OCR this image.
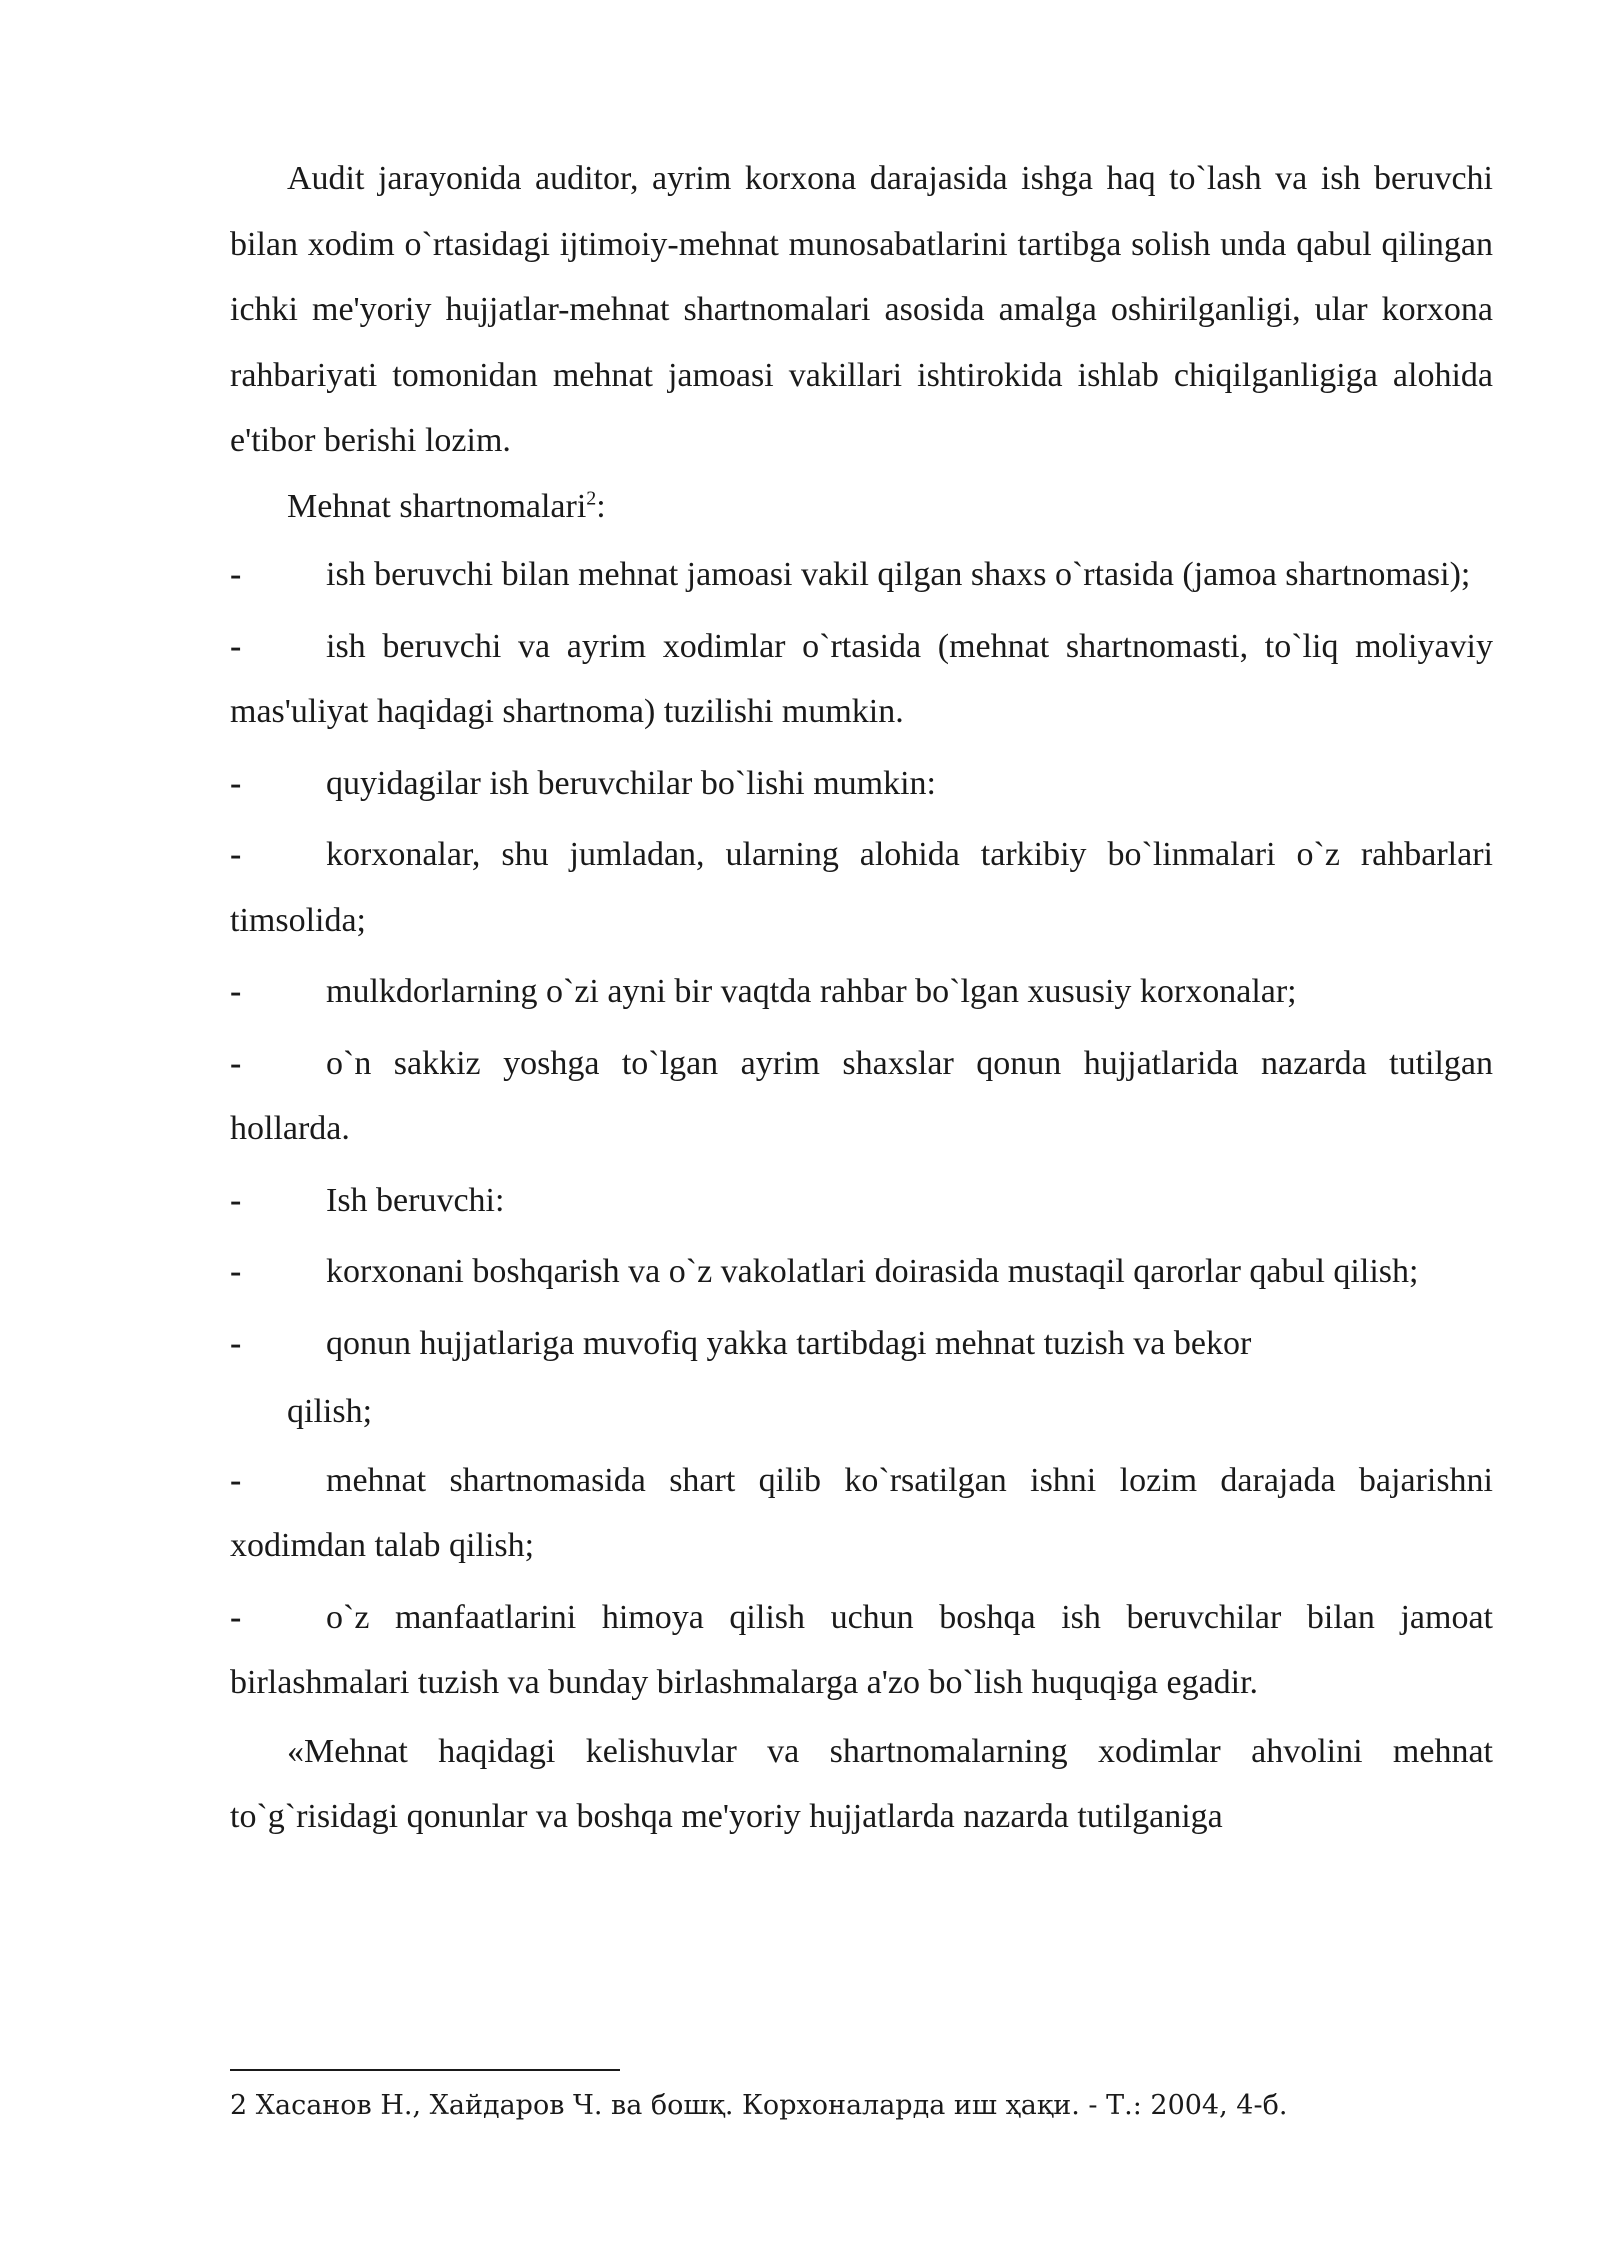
Audit jarayonida auditor, ayrim korxona darajasida ishga haq to`lash va ish beruvchi bilan xodim o`rtasidagi ijtimoiy-mehnat munosabatlarini tartibga solish unda qabul qilingan ichki me'yoriy hujjatlar-mehnat shartnomalari asosida amalga oshirilganligi, ular korxona rahbariyati tomonidan mehnat jamoasi vakillari ishtirokida ishlab chiqilganligiga alohida e'tibor berishi lozim.

Mehnat shartnomalari$^2$:

- ish beruvchi bilan mehnat jamoasi vakil qilgan shaxs o`rtasida (jamoa shartnomasi);

- ish beruvchi va ayrim xodimlar o`rtasida (mehnat shartnomasti, to`liq moliyaviy mas'uliyat haqidagi shartnoma) tuzilishi mumkin.

- quyidagilar ish beruvchilar bo`lishi mumkin:

- korxonalar, shu jumladan, ularning alohida tarkibiy bo`linmalari o`z rahbarlari timsolida;

- mulkdorlarning o`zi ayni bir vaqtda rahbar bo`lgan xususiy korxonalar;

- o`n sakkiz yoshga to`lgan ayrim shaxslar qonun hujjatlarida nazarda tutilgan hollarda.

- Ish beruvchi:

- korxonani boshqarish va o`z vakolatlari doirasida mustaqil qarorlar qabul qilish;

- qonun hujjatlariga muvofiq yakka tartibdagi mehnat tuzish va bekor

qilish;

- mehnat shartnomasida shart qilib ko`rsatilgan ishni lozim darajada bajarishni xodimdan talab qilish;

- o`z manfaatlarini himoya qilish uchun boshqa ish beruvchilar bilan jamoat birlashmalari tuzish va bunday birlashmalarga a'zo bo`lish huquqiga egadir.

«Mehnat haqidagi kelishuvlar va shartnomalarning xodimlar ahvolini mehnat to`g`risidagi qonunlar va boshqa me'yoriy hujjatlarda nazarda tutilganiga

2 Хасанов Н., Хайдаров Ч. ва бошқ. Корхоналарда иш ҳақи. - Т.: 2004, 4-б.
